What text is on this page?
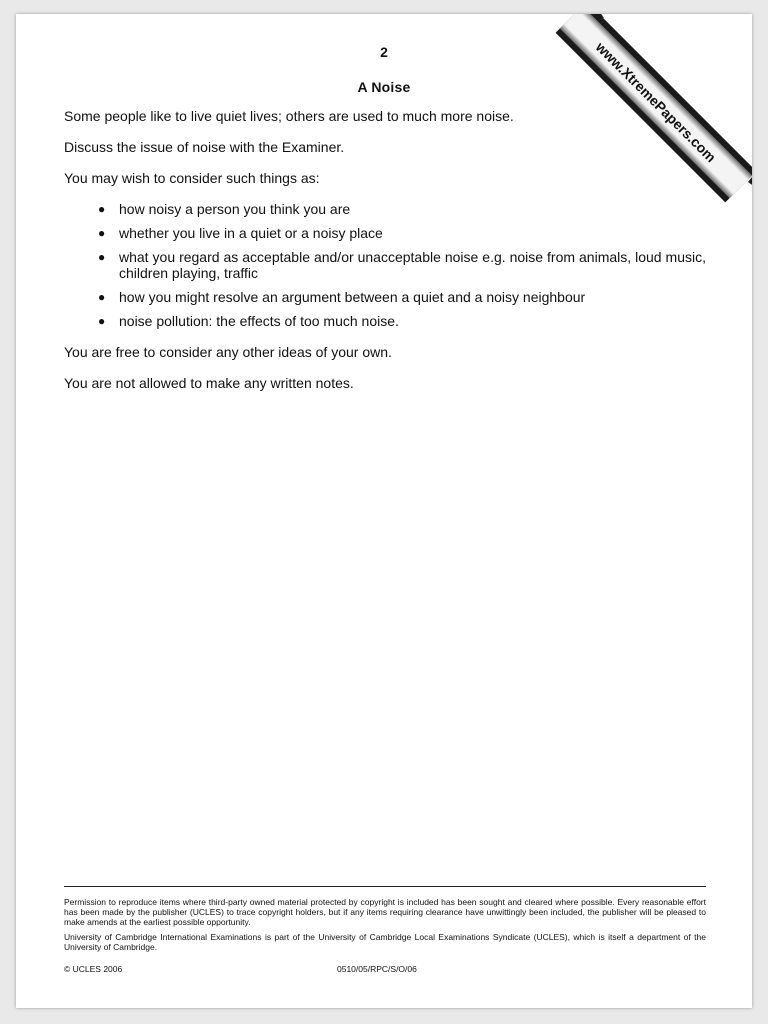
www.XtremePapers.com
2
A Noise

Some people like to live quiet lives; others are used to much more noise.

Discuss the issue of noise with the Examiner.

You may wish to consider such things as:

● how noisy a person you think you are
● whether you live in a quiet or a noisy place
● what you regard as acceptable and/or unacceptable noise e.g. noise from animals, loud music, children playing, traffic
● how you might resolve an argument between a quiet and a noisy neighbour
● noise pollution: the effects of too much noise.

You are free to consider any other ideas of your own.

You are not allowed to make any written notes.

Permission to reproduce items where third-party owned material protected by copyright is included has been sought and cleared where possible. Every reasonable effort has been made by the publisher (UCLES) to trace copyright holders, but if any items requiring clearance have unwittingly been included, the publisher will be pleased to make amends at the earliest possible opportunity.

University of Cambridge International Examinations is part of the University of Cambridge Local Examinations Syndicate (UCLES), which is itself a department of the University of Cambridge.

© UCLES 2006	0510/05/RPC/S/O/06
